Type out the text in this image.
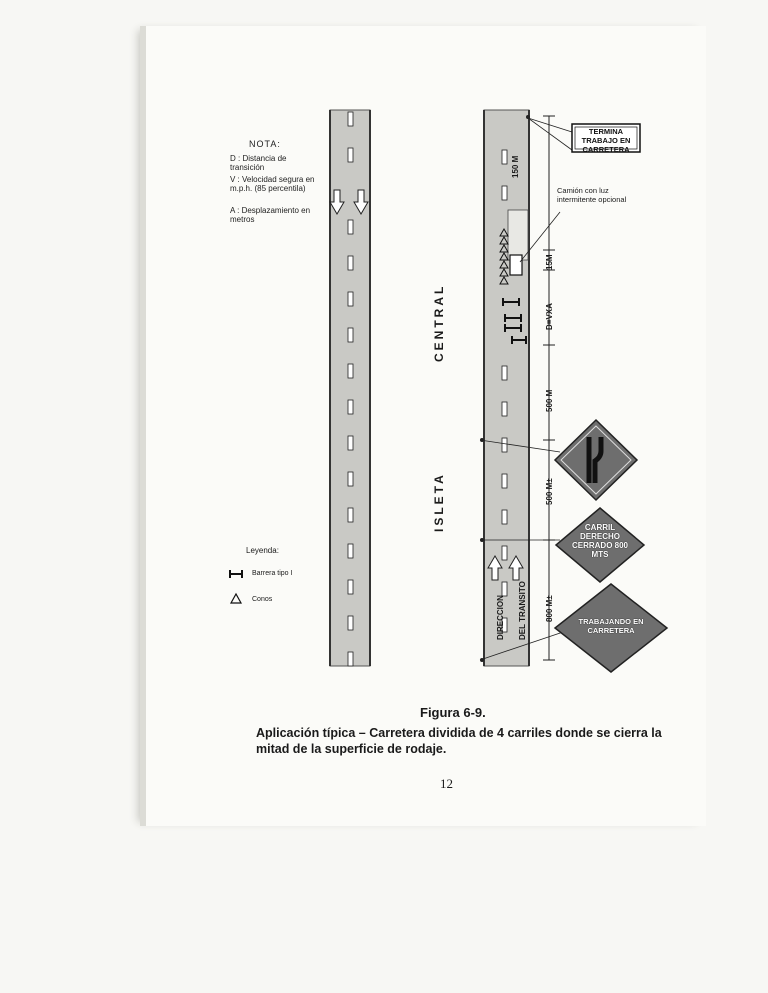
NOTA:
D : Distancia de transición
V : Velocidad segura en m.p.h. (85 percentila)
A : Desplazamiento en metros
Leyenda:
Barrera tipo I
Conos
CENTRAL
ISLETA
DIRECCION DEL TRANSITO
150 M
15M
D=VXA
500 M
500 M±
800 M±
Camión con luz intermitente opcional
TERMINA TRABAJO EN CARRETERA
CARRIL DERECHO CERRADO 800 MTS
TRABAJANDO EN CARRETERA
Figura 6-9.
Aplicación típica – Carretera dividida de 4 carriles donde se cierra la mitad de la superficie de rodaje.
12
